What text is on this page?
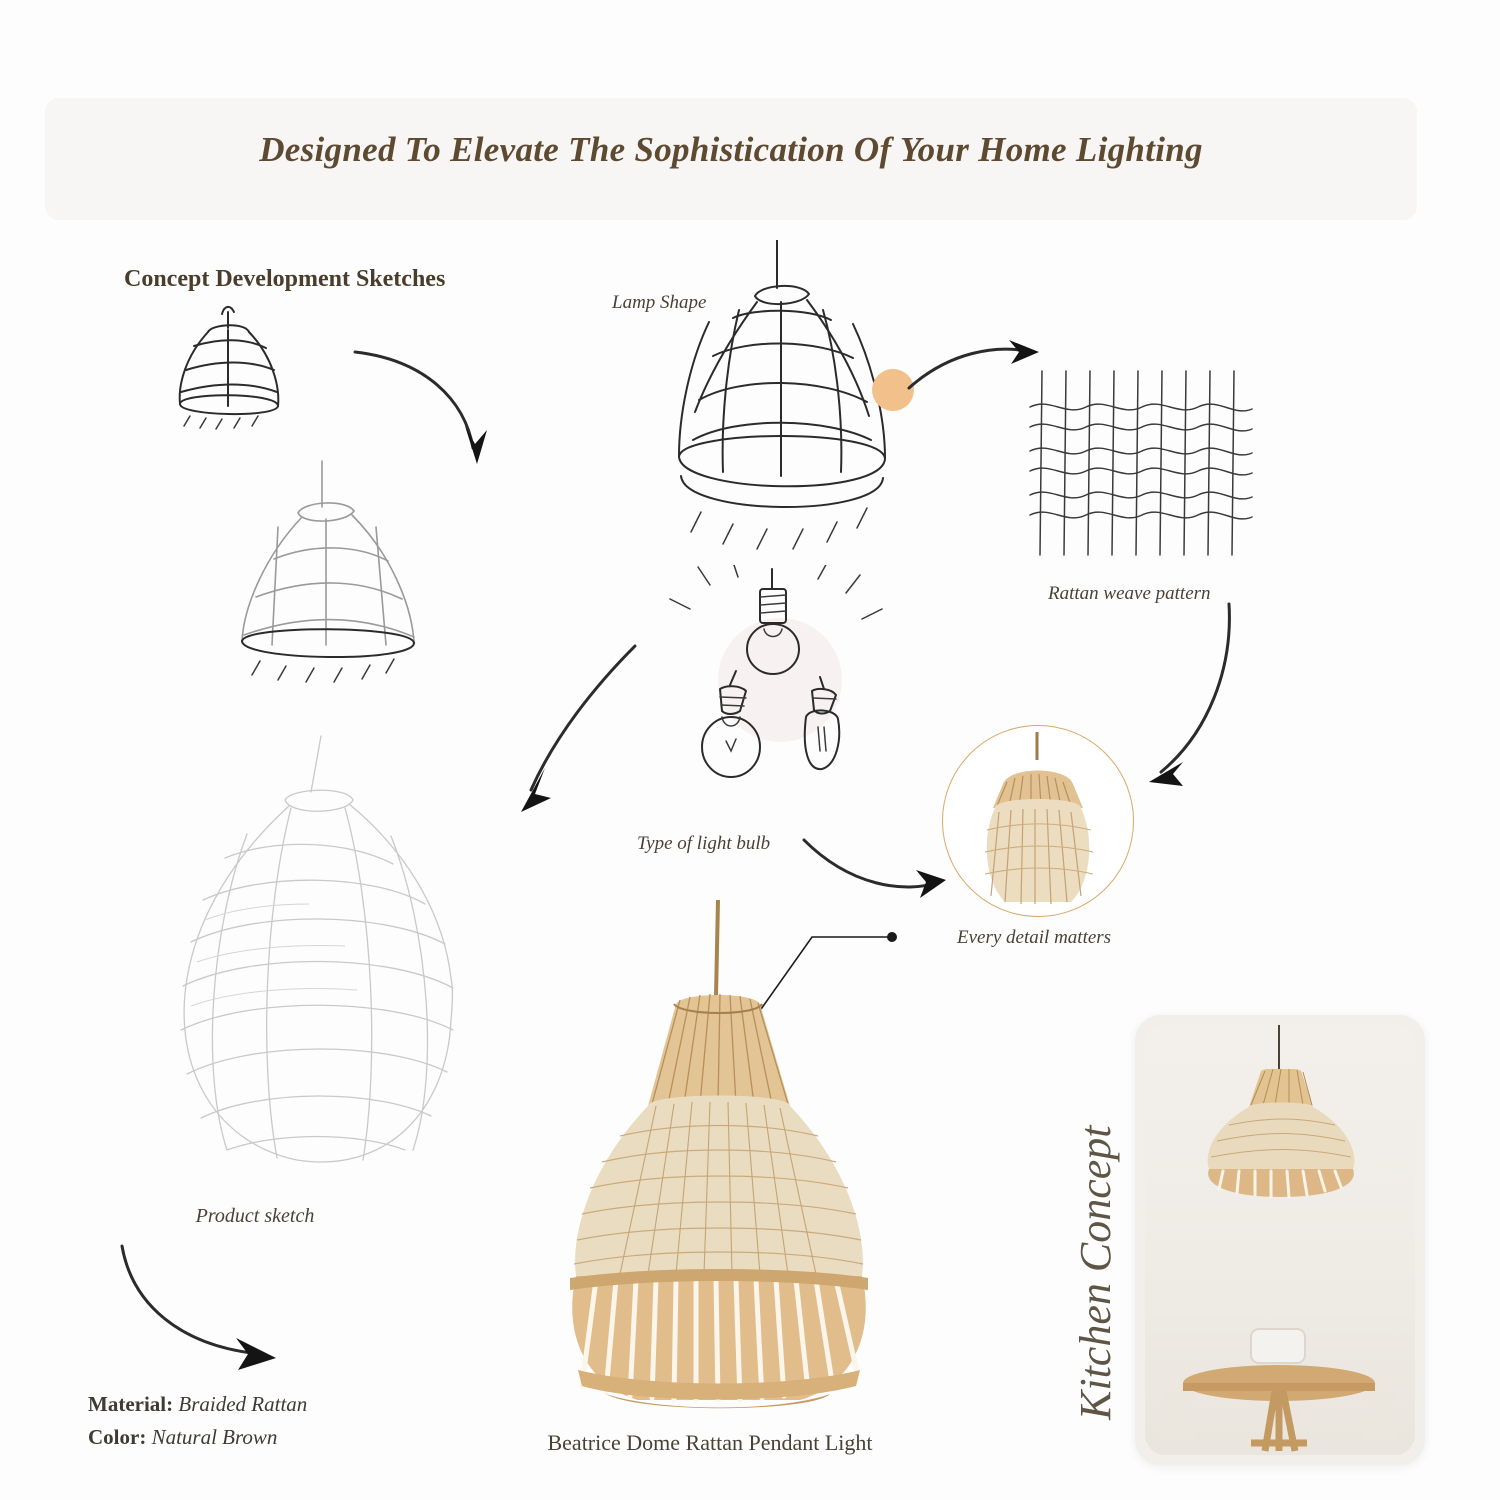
Designed To Elevate The Sophistication Of Your Home Lighting
Concept Development Sketches
Lamp Shape
Rattan weave pattern
Type of light bulb
Every detail matters
Product sketch
Material: Braided Rattan
Color: Natural Brown	Beatrice Dome Rattan Pendant Light
Kitchen Concept
